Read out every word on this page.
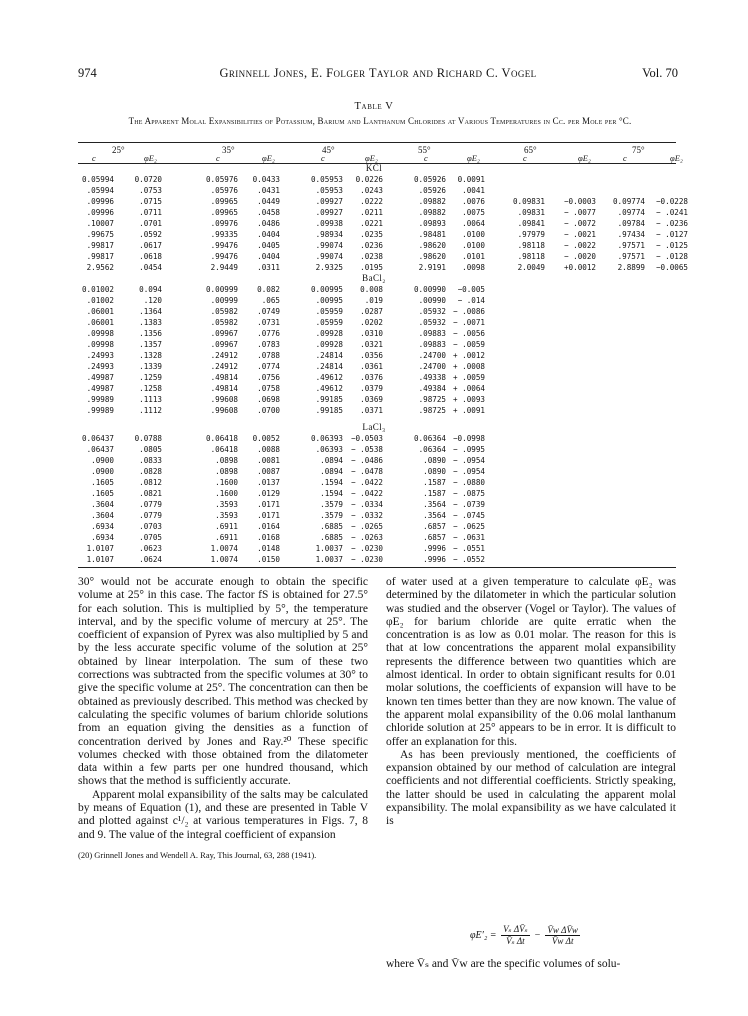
974	Grinnell Jones, E. Folger Taylor and Richard C. Vogel	Vol. 70
Table V
The Apparent Molal Expansibilities of Potassium, Barium and Lanthanum Chlorides at Various Temperatures in Cc. per Mole per °C.
25°	35°	45°	55°	65°	75°
c	φE₂	c	φE₂	c	φE₂	c	φE₂	c	φE₂	c	φE₂
KCl
0.05994	0.0720	0.05976 0.0433	0.05953 0.0226	0.05926 0.0091
.05994	.0753	.05976	.0431	.05953 .0243	.05926 .0041
.09996	.0715	.09965	.0449	.09927 .0222	.09882 .0076	0.09831 −0.0003 0.09774 −0.0228
.09996	.0711	.09965	.0458	.09927 .0211	.09882 .0075	.09831 − .0077	.09774 − .0241
.10007	.0701	.09976	.0486	.09938 .0221	.09893 .0064	.09841 − .0072	.09784 − .0236
.99675	.0592	.99335	.0404	.98934 .0235	.98481 .0100	.97979 − .0021	.97434 − .0127
.99817	.0617	.99476	.0405	.99074 .0236	.98620 .0100	.98118 − .0022	.97571 − .0125
.99817	.0618	.99476	.0404	.99074 .0238	.98620 .0101	.98118 − .0020	.97571 − .0128
2.9562	.0454	2.9449	.0311	2.9325 .0195	2.9191 .0098	2.0049 +0.0012	2.8899 −0.0065
BaCl₂
0.01002	0.094	0.00999	0.082	0.00995 0.008	0.00990 −0.005
.01002	.120	.00999	.065	.00995	.019	.00990 − .014
.06001	.1364	.05982	.0749	.05959 .0287	.05932 − .0086
.06001	.1383	.05982	.0731	.05959 .0202	.05932 − .0071
.09998	.1356	.09967	.0776	.09928 .0310	.09883 − .0056
.09998	.1357	.09967	.0783	.09928 .0321	.09883 − .0059
.24993	.1328	.24912	.0788	.24814 .0356	.24700 + .0012
.24993	.1339	.24912	.0774	.24814 .0361	.24700 + .0008
.49987	.1259	.49814	.0756	.49612 .0376	.49338 + .0059
.49987	.1258	.49814	.0758	.49612 .0379	.49384 + .0064
.99989	.1113	.99608	.0698	.99185 .0369	.98725 + .0093
.99989	.1112	.99608	.0700	.99185 .0371	.98725 + .0091
LaCl₃
0.06437	0.0788	0.06418 0.0052	0.06393 −0.0503	0.06364 −0.0998
.06437	.0805	.06418	.0088	.06393 − .0538	.06364 − .0995
.0900	.0833	.0898	.0081	.0894 − .0486	.0890 − .0954
.0900	.0828	.0898	.0087	.0894 − .0478	.0890 − .0954
.1605	.0812	.1600	.0137	.1594 − .0422	.1587 − .0880
.1605	.0821	.1600	.0129	.1594 − .0422	.1587 − .0875
.3604	.0779	.3593	.0171	.3579 − .0334	.3564 − .0739
.3604	.0779	.3593	.0171	.3579 − .0332	.3564 − .0745
.6934	.0703	.6911	.0164	.6885 − .0265	.6857 − .0625
.6934	.0705	.6911	.0168	.6885 − .0263	.6857 − .0631
1.0107	.0623	1.0074	.0148	1.0037 − .0230	.9996 − .0551
1.0107	.0624	1.0074	.0150	1.0037 − .0230	.9996 − .0552

30° would not be accurate enough to obtain the specific volume at 25° in this case. The factor fS is obtained for 27.5° for each solution. This is multiplied by 5°, the temperature interval, and by the specific volume of mercury at 25°. The coefficient of expansion of Pyrex was also multiplied by 5 and by the less accurate specific volume of the solution at 25° obtained by linear interpolation. The sum of these two corrections was subtracted from the specific volumes at 30° to give the specific volume at 25°. The concentration can then be obtained as previously described. This method was checked by calculating the specific volumes of barium chloride solutions from an equation giving the densities as a function of concentration derived by Jones and Ray.²⁰ These specific volumes checked with those obtained from the dilatometer data within a few parts per one hundred thousand, which shows that the method is sufficiently accurate.

Apparent molal expansibility of the salts may be calculated by means of Equation (1), and these are presented in Table V and plotted against c¹/₂ at various temperatures in Figs. 7, 8 and 9. The value of the integral coefficient of expansion

(20) Grinnell Jones and Wendell A. Ray, This Journal, 63, 288 (1941).

of water used at a given temperature to calculate φE₂ was determined by the dilatometer in which the particular solution was studied and the observer (Vogel or Taylor). The values of φE₂ for barium chloride are quite erratic when the concentration is as low as 0.01 molar. The reason for this is that at low concentrations the apparent molal expansibility represents the difference between two quantities which are almost identical. In order to obtain significant results for 0.01 molar solutions, the coefficients of expansion will have to be known ten times better than they are now known. The value of the apparent molal expansibility of the 0.06 molal lanthanum chloride solution at 25° appears to be in error. It is difficult to offer an explanation for this.

As has been previously mentioned, the coefficients of expansion obtained by our method of calculation are integral coefficients and not differential coefficients. Strictly speaking, the latter should be used in calculating the apparent molal expansibility. The molal expansibility as we have calculated it is

$\varphi E'_2 = \frac{\text{Vₛ ΔV̄ₛ}}{\text{V̄ₛ Δt}} - \frac{\text{V̄w ΔV̄w}}{\text{V̄w Δt}}$

where V̄ₛ and V̄w are the specific volumes of solu-
